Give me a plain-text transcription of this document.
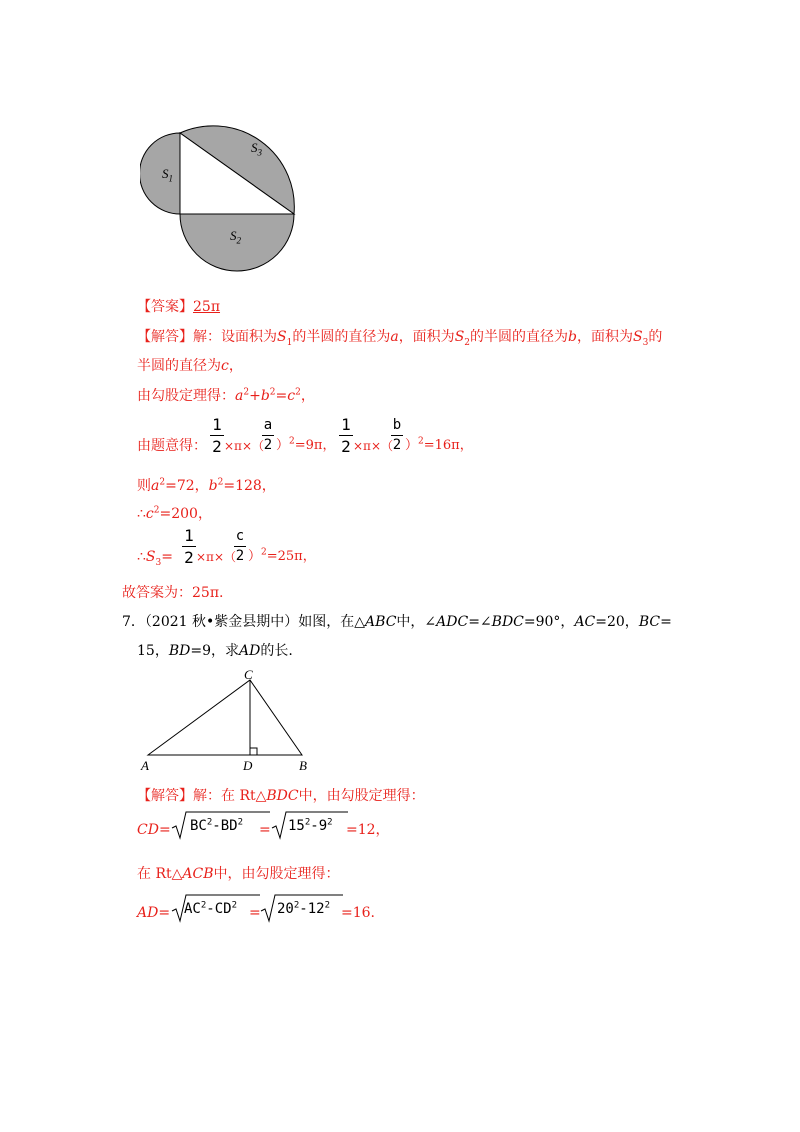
$S_1$
$S_3$
$S_2$
【答案】25π
【解答】解：设面积为$S_1$的半圆的直径为a，面积为$S_2$的半圆的直径为b，面积为$S_3$的
半圆的直径为c，
由勾股定理得：$a^2+b^2=c^2$，
由题意得：
1
2 ×π×（
a
2 ）$^2$=9π，
1
2 ×π×（
b
2 ）$^2$=16π，
则$a^2=72$，$b^2=128$，
$\therefore c^2=200$，
$\therefore S_3=$
1
2 ×π×（
c
2 ）$^2$=25π，
故答案为：25π.
7．（2021 秋•紫金县期中）如图，在△ABC中，∠ADC=∠BDC=90°，AC=20，BC=
15，BD=9，求AD的长.
A	B
C
D
【解答】解：在 Rt△BDC中，由勾股定理得：
$CD= BC^2-BD^2 = 15^2-9^2 =12$，
在 Rt△ACB中，由勾股定理得：
$AD= AC^2-CD^2 = 20^2-12^2 =16$.
